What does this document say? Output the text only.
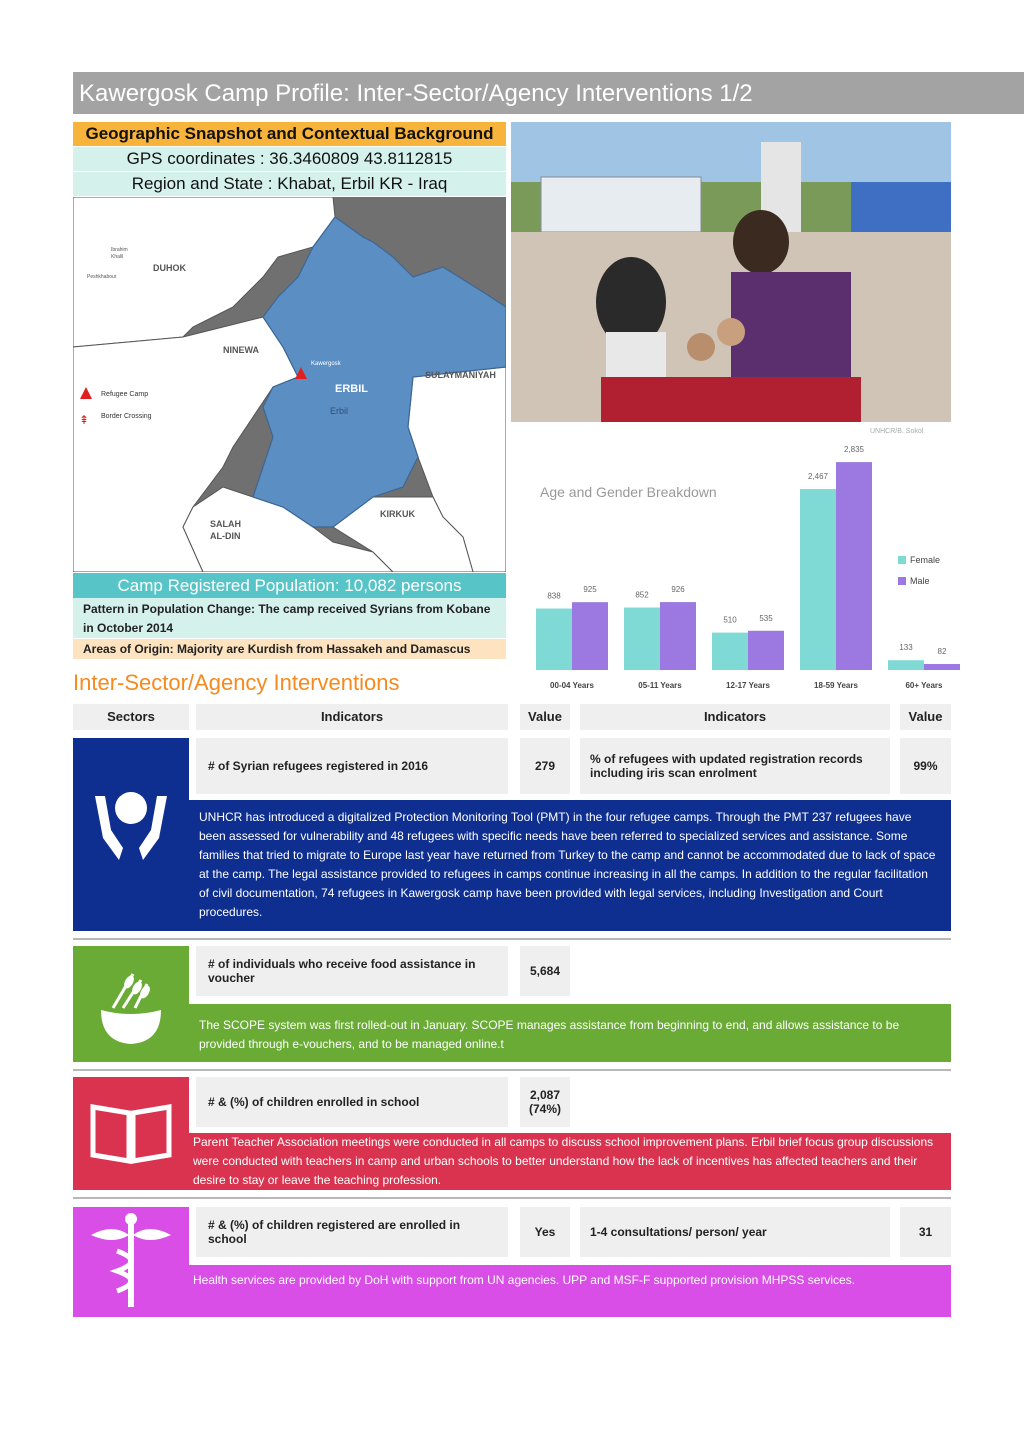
Kawergosk Camp Profile: Inter-Sector/Agency Interventions 1/2
Geographic Snapshot and Contextual Background
GPS coordinates : 36.3460809 43.8112815
Region and State : Khabat, Erbil KR - Iraq
DUHOK
NINEWA
ERBIL
Erbil
Kawergosk
SULAYMANIYAH
KIRKUK
SALAH
AL-DIN
Ibrahim
Khalil
Peshkhabour
⇞
Refugee Camp
Border Crossing
UNHCR/B. Sokol
Camp Registered Population: 10,082 persons
Pattern in Population Change: The camp received Syrians from Kobane in October 2014
Areas of Origin: Majority are Kurdish from Hassakeh and Damascus
Age and Gender Breakdown
838
925
00-04 Years
852
926
05-11 Years
510	535
12-17 Years
2,467
2,835
18-59 Years
133	82
60+ Years
Female
Male
Inter-Sector/Agency Interventions
Sectors	Indicators	Value	Indicators	Value
# of Syrian refugees registered in 2016	279	% of refugees with updated registration records including iris scan enrolment	99%
UNHCR has introduced a digitalized Protection Monitoring Tool (PMT) in the four refugee camps. Through the PMT 237 refugees have been assessed for vulnerability and 48 refugees with specific needs have been referred to specialized services and assistance. Some families that tried to migrate to Europe last year have returned from Turkey to the camp and cannot be accommodated due to lack of space at the camp. The legal assistance provided to refugees in camps continue increasing in all the camps. In addition to the regular facilitation of civil documentation, 74 refugees in Kawergosk camp have been provided with legal services, including Investigation and Court procedures.
# of individuals who receive food assistance in voucher	5,684
The SCOPE system was first rolled-out in January. SCOPE manages assistance from beginning to end, and allows assistance to be provided through e-vouchers, and to be managed online.t
# & (%) of children enrolled in school	2,087 (74%)
Parent Teacher Association meetings were conducted in all camps to discuss school improvement plans. Erbil brief focus group discussions were conducted with teachers in camp and urban schools to better understand how the lack of incentives has affected teachers and their desire to stay or leave the teaching profession.
# & (%) of children registered are enrolled in school	Yes	1-4 consultations/ person/ year	31
Health services are provided by DoH with support from UN agencies. UPP and MSF-F supported provision MHPSS services.
